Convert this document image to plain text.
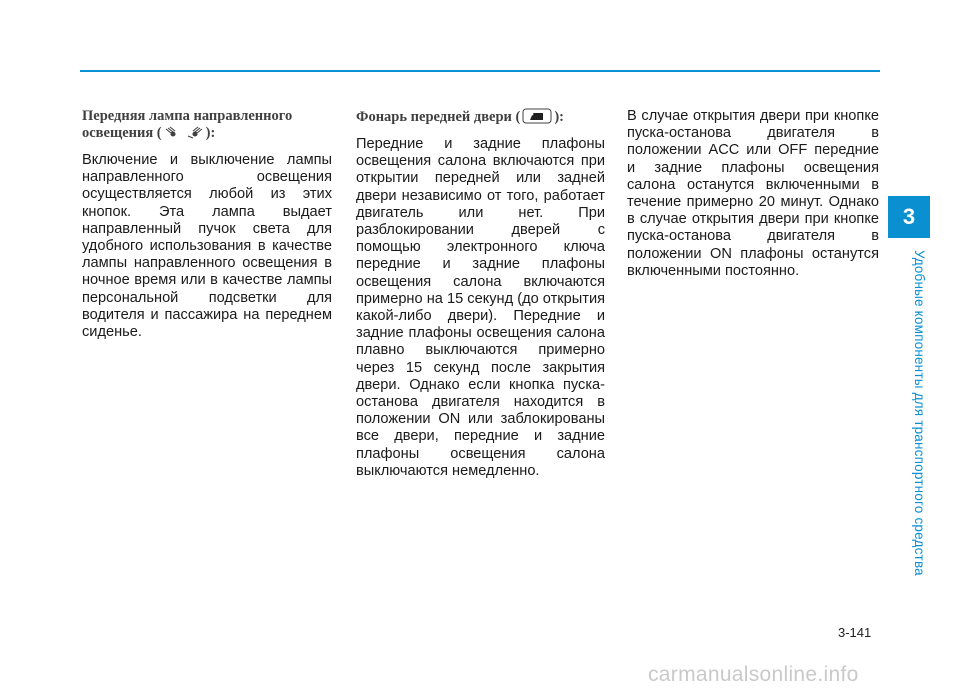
Передняя лампа направленного освещения (	):

Включение и выключение лампы направленного освещения осуществляется любой из этих кнопок. Эта лампа выдает направленный пучок света для удобного использования в качестве лампы направленного освещения в ночное время или в качестве лампы персональной подсветки для водителя и пассажира на переднем сиденье.

Фонарь передней двери ( ):

Передние и задние плафоны освещения салона включаются при открытии передней или задней двери независимо от того, работает двигатель или нет. При разблокировании дверей с помощью электронного ключа передние и задние плафоны освещения салона включаются примерно на 15 секунд (до открытия какой-либо двери). Передние и задние плафоны освещения салона плавно выключаются примерно через 15 секунд после закрытия двери. Однако если кнопка пуска-останова двигателя находится в положении ON или заблокированы все двери, передние и задние плафоны освещения салона выключаются немедленно.

В случае открытия двери при кнопке пуска-останова двигателя в положении ACC или OFF передние и задние плафоны освещения салона останутся включенными в течение примерно 20 минут. Однако в случае открытия двери при кнопке пуска-останова двигателя в положении ON плафоны останутся включенными постоянно.

3
Удобные компоненты для транспортного средства
3-141
carmanualsonline.info
